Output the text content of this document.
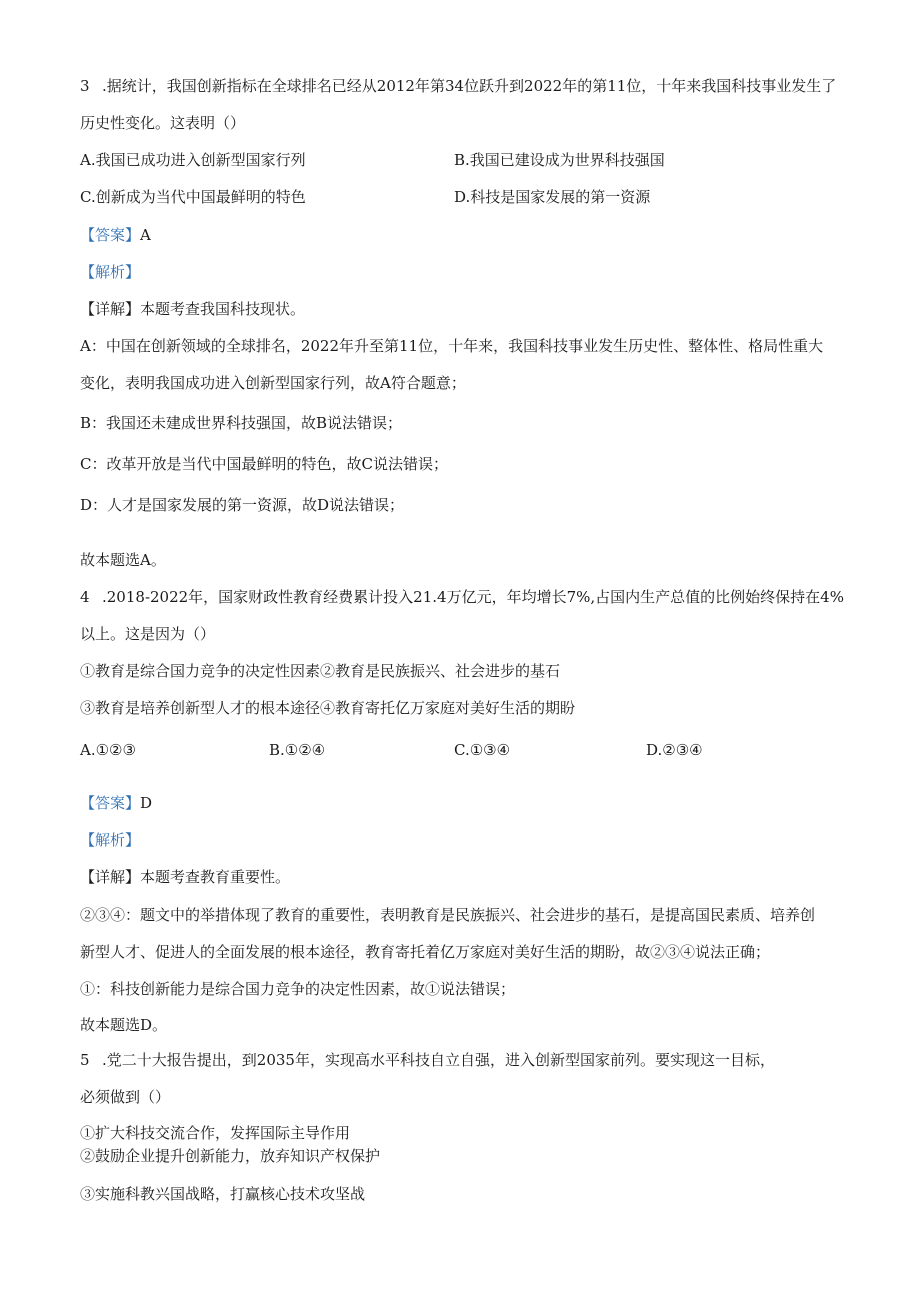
3 .据统计，我国创新指标在全球排名已经从2012年第34位跃升到2022年的第11位，十年来我国科技事业发生了
历史性变化。这表明（）
A.我国已成功进入创新型国家行列	B.我国已建设成为世界科技强国
C.创新成为当代中国最鲜明的特色	D.科技是国家发展的第一资源
【答案】A
【解析】
【详解】本题考查我国科技现状。
A：中国在创新领域的全球排名，2022年升至第11位，十年来，我国科技事业发生历史性、整体性、格局性重大
变化，表明我国成功进入创新型国家行列，故A符合题意；
B：我国还未建成世界科技强国，故B说法错误；
C：改革开放是当代中国最鲜明的特色，故C说法错误；
D：人才是国家发展的第一资源，故D说法错误；
故本题选A。
4 .2018-2022年，国家财政性教育经费累计投入21.4万亿元，年均增长7%,占国内生产总值的比例始终保持在4%
以上。这是因为（）
①教育是综合国力竞争的决定性因素②教育是民族振兴、社会进步的基石
③教育是培养创新型人才的根本途径④教育寄托亿万家庭对美好生活的期盼
A.①②③	B.①②④	C.①③④	D.②③④
【答案】D
【解析】
【详解】本题考查教育重要性。
②③④：题文中的举措体现了教育的重要性，表明教育是民族振兴、社会进步的基石，是提高国民素质、培养创
新型人才、促进人的全面发展的根本途径，教育寄托着亿万家庭对美好生活的期盼，故②③④说法正确；
①：科技创新能力是综合国力竞争的决定性因素，故①说法错误；
故本题选D。
5 .党二十大报告提出，到2035年，实现高水平科技自立自强，进入创新型国家前列。要实现这一目标，
必须做到（）
①扩大科技交流合作，发挥国际主导作用
②鼓励企业提升创新能力，放弃知识产权保护
③实施科教兴国战略，打赢核心技术攻坚战
